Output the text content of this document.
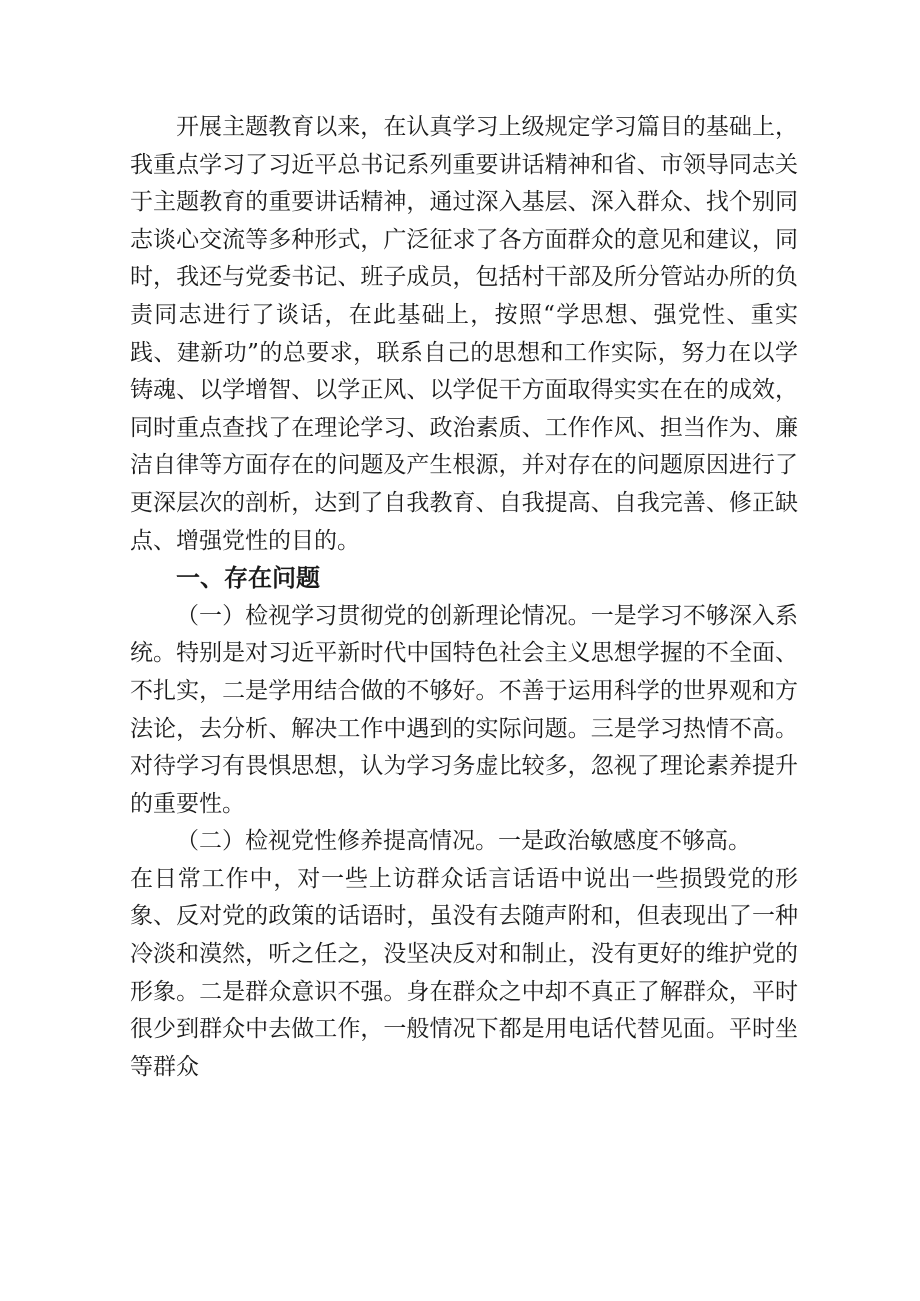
开展主题教育以来，在认真学习上级规定学习篇目的基础上，我重点学习了习近平总书记系列重要讲话精神和省、市领导同志关于主题教育的重要讲话精神，通过深入基层、深入群众、找个别同志谈心交流等多种形式，广泛征求了各方面群众的意见和建议，同时，我还与党委书记、班子成员，包括村干部及所分管站办所的负责同志进行了谈话，在此基础上，按照“学思想、强党性、重实践、建新功”的总要求，联系自己的思想和工作实际，努力在以学铸魂、以学增智、以学正风、以学促干方面取得实实在在的成效，同时重点查找了在理论学习、政治素质、工作作风、担当作为、廉洁自律等方面存在的问题及产生根源，并对存在的问题原因进行了更深层次的剖析，达到了自我教育、自我提高、自我完善、修正缺点、增强党性的目的。

一、存在问题

（一）检视学习贯彻党的创新理论情况。一是学习不够深入系统。特别是对习近平新时代中国特色社会主义思想学握的不全面、不扎实，二是学用结合做的不够好。不善于运用科学的世界观和方法论，去分析、解决工作中遇到的实际问题。三是学习热情不高。对待学习有畏惧思想，认为学习务虚比较多，忽视了理论素养提升的重要性。

（二）检视党性修养提高情况。一是政治敏感度不够高。

在日常工作中，对一些上访群众话言话语中说出一些损毁党的形象、反对党的政策的话语时，虽没有去随声附和，但表现出了一种冷淡和漠然，听之任之，没坚决反对和制止，没有更好的维护党的形象。二是群众意识不强。身在群众之中却不真正了解群众，平时很少到群众中去做工作，一般情况下都是用电话代替见面。平时坐等群众
